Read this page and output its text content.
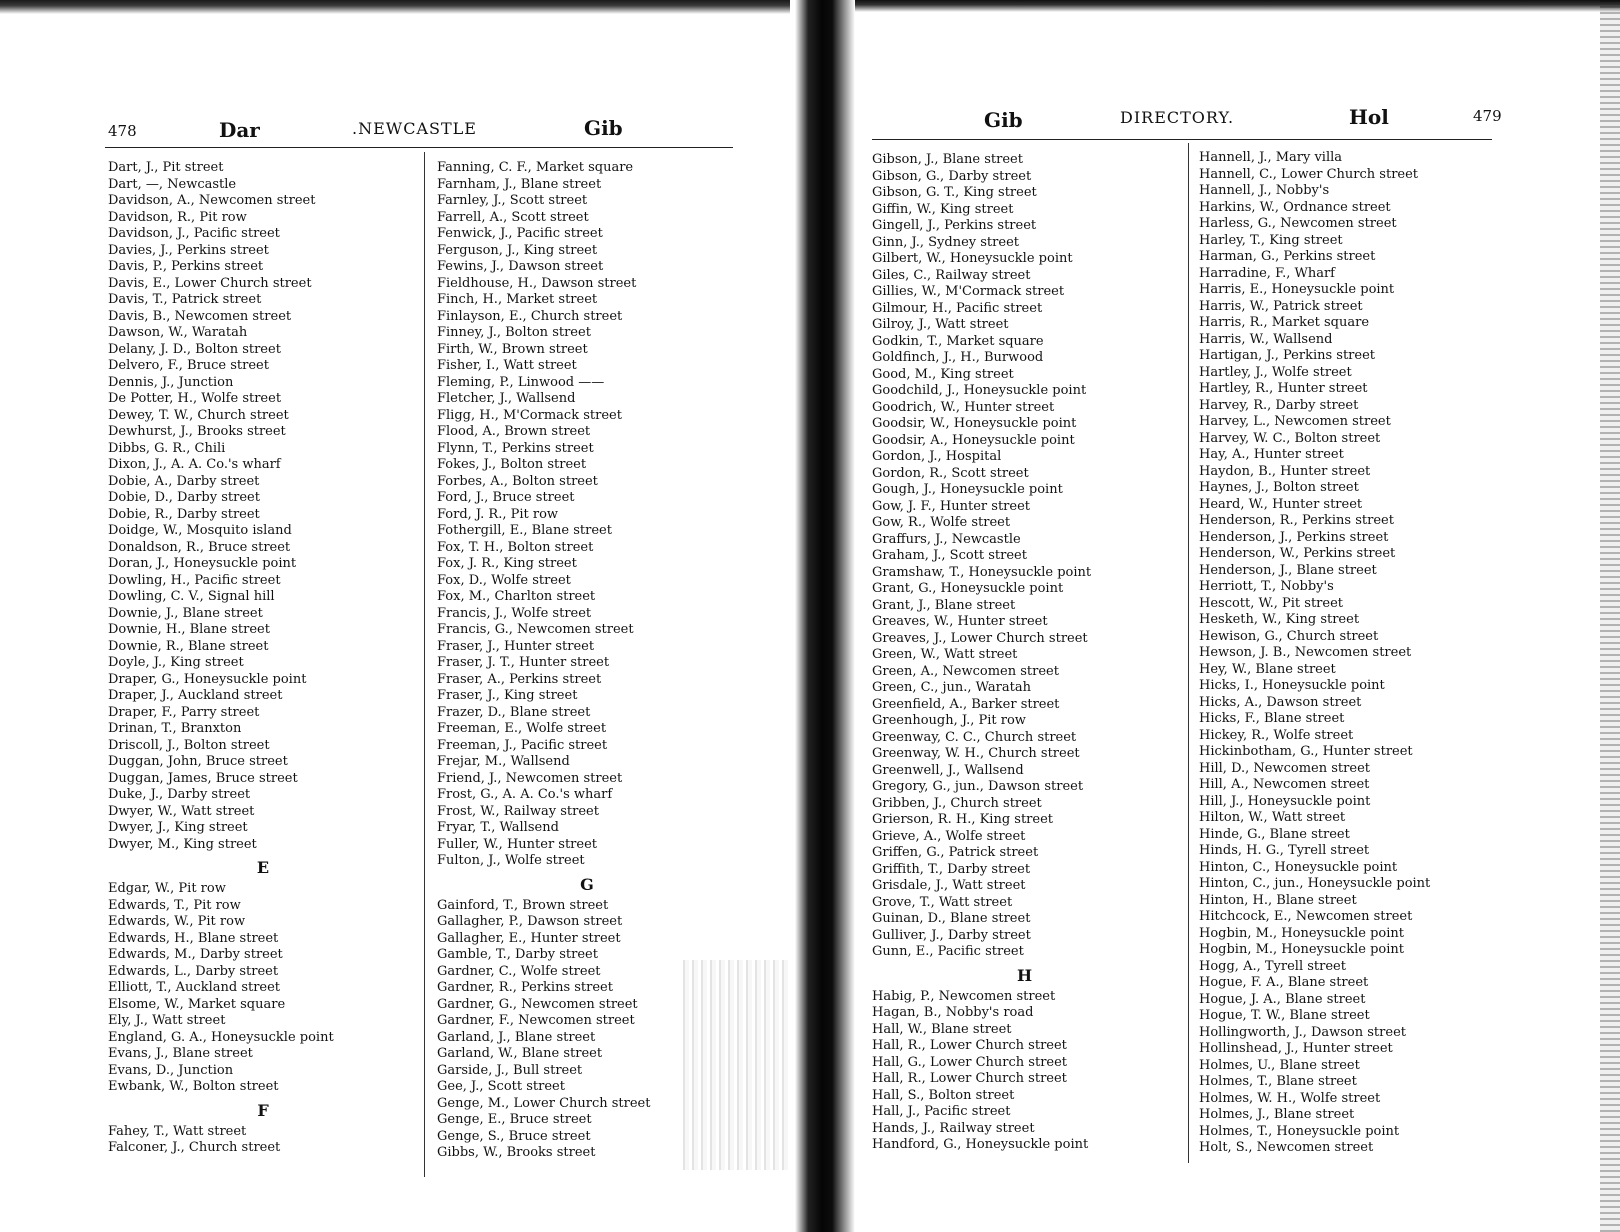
478	Dar	.NEWCASTLE	Gib	Gib	DIRECTORY.	Hol	479
Dart, J., Pit street
Dart, —, Newcastle
Davidson, A., Newcomen street
Davidson, R., Pit row
Davidson, J., Pacific street
Davies, J., Perkins street
Davis, P., Perkins street
Davis, E., Lower Church street
Davis, T., Patrick street
Davis, B., Newcomen street
Dawson, W., Waratah
Delany, J. D., Bolton street
Delvero, F., Bruce street
Dennis, J., Junction
De Potter, H., Wolfe street
Dewey, T. W., Church street
Dewhurst, J., Brooks street
Dibbs, G. R., Chili
Dixon, J., A. A. Co.'s wharf
Dobie, A., Darby street
Dobie, D., Darby street
Dobie, R., Darby street
Doidge, W., Mosquito island
Donaldson, R., Bruce street
Doran, J., Honeysuckle point
Dowling, H., Pacific street
Dowling, C. V., Signal hill
Downie, J., Blane street
Downie, H., Blane street
Downie, R., Blane street
Doyle, J., King street
Draper, G., Honeysuckle point
Draper, J., Auckland street
Draper, F., Parry street
Drinan, T., Branxton
Driscoll, J., Bolton street
Duggan, John, Bruce street
Duggan, James, Bruce street
Duke, J., Darby street
Dwyer, W., Watt street
Dwyer, J., King street
Dwyer, M., King street
E
Edgar, W., Pit row
Edwards, T., Pit row
Edwards, W., Pit row
Edwards, H., Blane street
Edwards, M., Darby street
Edwards, L., Darby street
Elliott, T., Auckland street
Elsome, W., Market square
Ely, J., Watt street
England, G. A., Honeysuckle point
Evans, J., Blane street
Evans, D., Junction
Ewbank, W., Bolton street
F
Fahey, T., Watt street
Falconer, J., Church street
Fanning, C. F., Market square
Farnham, J., Blane street
Farnley, J., Scott street
Farrell, A., Scott street
Fenwick, J., Pacific street
Ferguson, J., King street
Fewins, J., Dawson street
Fieldhouse, H., Dawson street
Finch, H., Market street
Finlayson, E., Church street
Finney, J., Bolton street
Firth, W., Brown street
Fisher, I., Watt street
Fleming, P., Linwood ——
Fletcher, J., Wallsend
Fligg, H., M'Cormack street
Flood, A., Brown street
Flynn, T., Perkins street
Fokes, J., Bolton street
Forbes, A., Bolton street
Ford, J., Bruce street
Ford, J. R., Pit row
Fothergill, E., Blane street
Fox, T. H., Bolton street
Fox, J. R., King street
Fox, D., Wolfe street
Fox, M., Charlton street
Francis, J., Wolfe street
Francis, G., Newcomen street
Fraser, J., Hunter street
Fraser, J. T., Hunter street
Fraser, A., Perkins street
Fraser, J., King street
Frazer, D., Blane street
Freeman, E., Wolfe street
Freeman, J., Pacific street
Frejar, M., Wallsend
Friend, J., Newcomen street
Frost, G., A. A. Co.'s wharf
Frost, W., Railway street
Fryar, T., Wallsend
Fuller, W., Hunter street
Fulton, J., Wolfe street
G
Gainford, T., Brown street
Gallagher, P., Dawson street
Gallagher, E., Hunter street
Gamble, T., Darby street
Gardner, C., Wolfe street
Gardner, R., Perkins street
Gardner, G., Newcomen street
Gardner, F., Newcomen street
Garland, J., Blane street
Garland, W., Blane street
Garside, J., Bull street
Gee, J., Scott street
Genge, M., Lower Church street
Genge, E., Bruce street
Genge, S., Bruce street
Gibbs, W., Brooks street
Gibson, J., Blane street
Gibson, G., Darby street
Gibson, G. T., King street
Giffin, W., King street
Gingell, J., Perkins street
Ginn, J., Sydney street
Gilbert, W., Honeysuckle point
Giles, C., Railway street
Gillies, W., M'Cormack street
Gilmour, H., Pacific street
Gilroy, J., Watt street
Godkin, T., Market square
Goldfinch, J., H., Burwood
Good, M., King street
Goodchild, J., Honeysuckle point
Goodrich, W., Hunter street
Goodsir, W., Honeysuckle point
Goodsir, A., Honeysuckle point
Gordon, J., Hospital
Gordon, R., Scott street
Gough, J., Honeysuckle point
Gow, J. F., Hunter street
Gow, R., Wolfe street
Graffurs, J., Newcastle
Graham, J., Scott street
Gramshaw, T., Honeysuckle point
Grant, G., Honeysuckle point
Grant, J., Blane street
Greaves, W., Hunter street
Greaves, J., Lower Church street
Green, W., Watt street
Green, A., Newcomen street
Green, C., jun., Waratah
Greenfield, A., Barker street
Greenhough, J., Pit row
Greenway, C. C., Church street
Greenway, W. H., Church street
Greenwell, J., Wallsend
Gregory, G., jun., Dawson street
Gribben, J., Church street
Grierson, R. H., King street
Grieve, A., Wolfe street
Griffen, G., Patrick street
Griffith, T., Darby street
Grisdale, J., Watt street
Grove, T., Watt street
Guinan, D., Blane street
Gulliver, J., Darby street
Gunn, E., Pacific street
H
Habig, P., Newcomen street
Hagan, B., Nobby's road
Hall, W., Blane street
Hall, R., Lower Church street
Hall, G., Lower Church street
Hall, R., Lower Church street
Hall, S., Bolton street
Hall, J., Pacific street
Hands, J., Railway street
Handford, G., Honeysuckle point
Hannell, J., Mary villa
Hannell, C., Lower Church street
Hannell, J., Nobby's
Harkins, W., Ordnance street
Harless, G., Newcomen street
Harley, T., King street
Harman, G., Perkins street
Harradine, F., Wharf
Harris, E., Honeysuckle point
Harris, W., Patrick street
Harris, R., Market square
Harris, W., Wallsend
Hartigan, J., Perkins street
Hartley, J., Wolfe street
Hartley, R., Hunter street
Harvey, R., Darby street
Harvey, L., Newcomen street
Harvey, W. C., Bolton street
Hay, A., Hunter street
Haydon, B., Hunter street
Haynes, J., Bolton street
Heard, W., Hunter street
Henderson, R., Perkins street
Henderson, J., Perkins street
Henderson, W., Perkins street
Henderson, J., Blane street
Herriott, T., Nobby's
Hescott, W., Pit street
Hesketh, W., King street
Hewison, G., Church street
Hewson, J. B., Newcomen street
Hey, W., Blane street
Hicks, I., Honeysuckle point
Hicks, A., Dawson street
Hicks, F., Blane street
Hickey, R., Wolfe street
Hickinbotham, G., Hunter street
Hill, D., Newcomen street
Hill, A., Newcomen street
Hill, J., Honeysuckle point
Hilton, W., Watt street
Hinde, G., Blane street
Hinds, H. G., Tyrell street
Hinton, C., Honeysuckle point
Hinton, C., jun., Honeysuckle point
Hinton, H., Blane street
Hitchcock, E., Newcomen street
Hogbin, M., Honeysuckle point
Hogbin, M., Honeysuckle point
Hogg, A., Tyrell street
Hogue, F. A., Blane street
Hogue, J. A., Blane street
Hogue, T. W., Blane street
Hollingworth, J., Dawson street
Hollinshead, J., Hunter street
Holmes, U., Blane street
Holmes, T., Blane street
Holmes, W. H., Wolfe street
Holmes, J., Blane street
Holmes, T., Honeysuckle point
Holt, S., Newcomen street
